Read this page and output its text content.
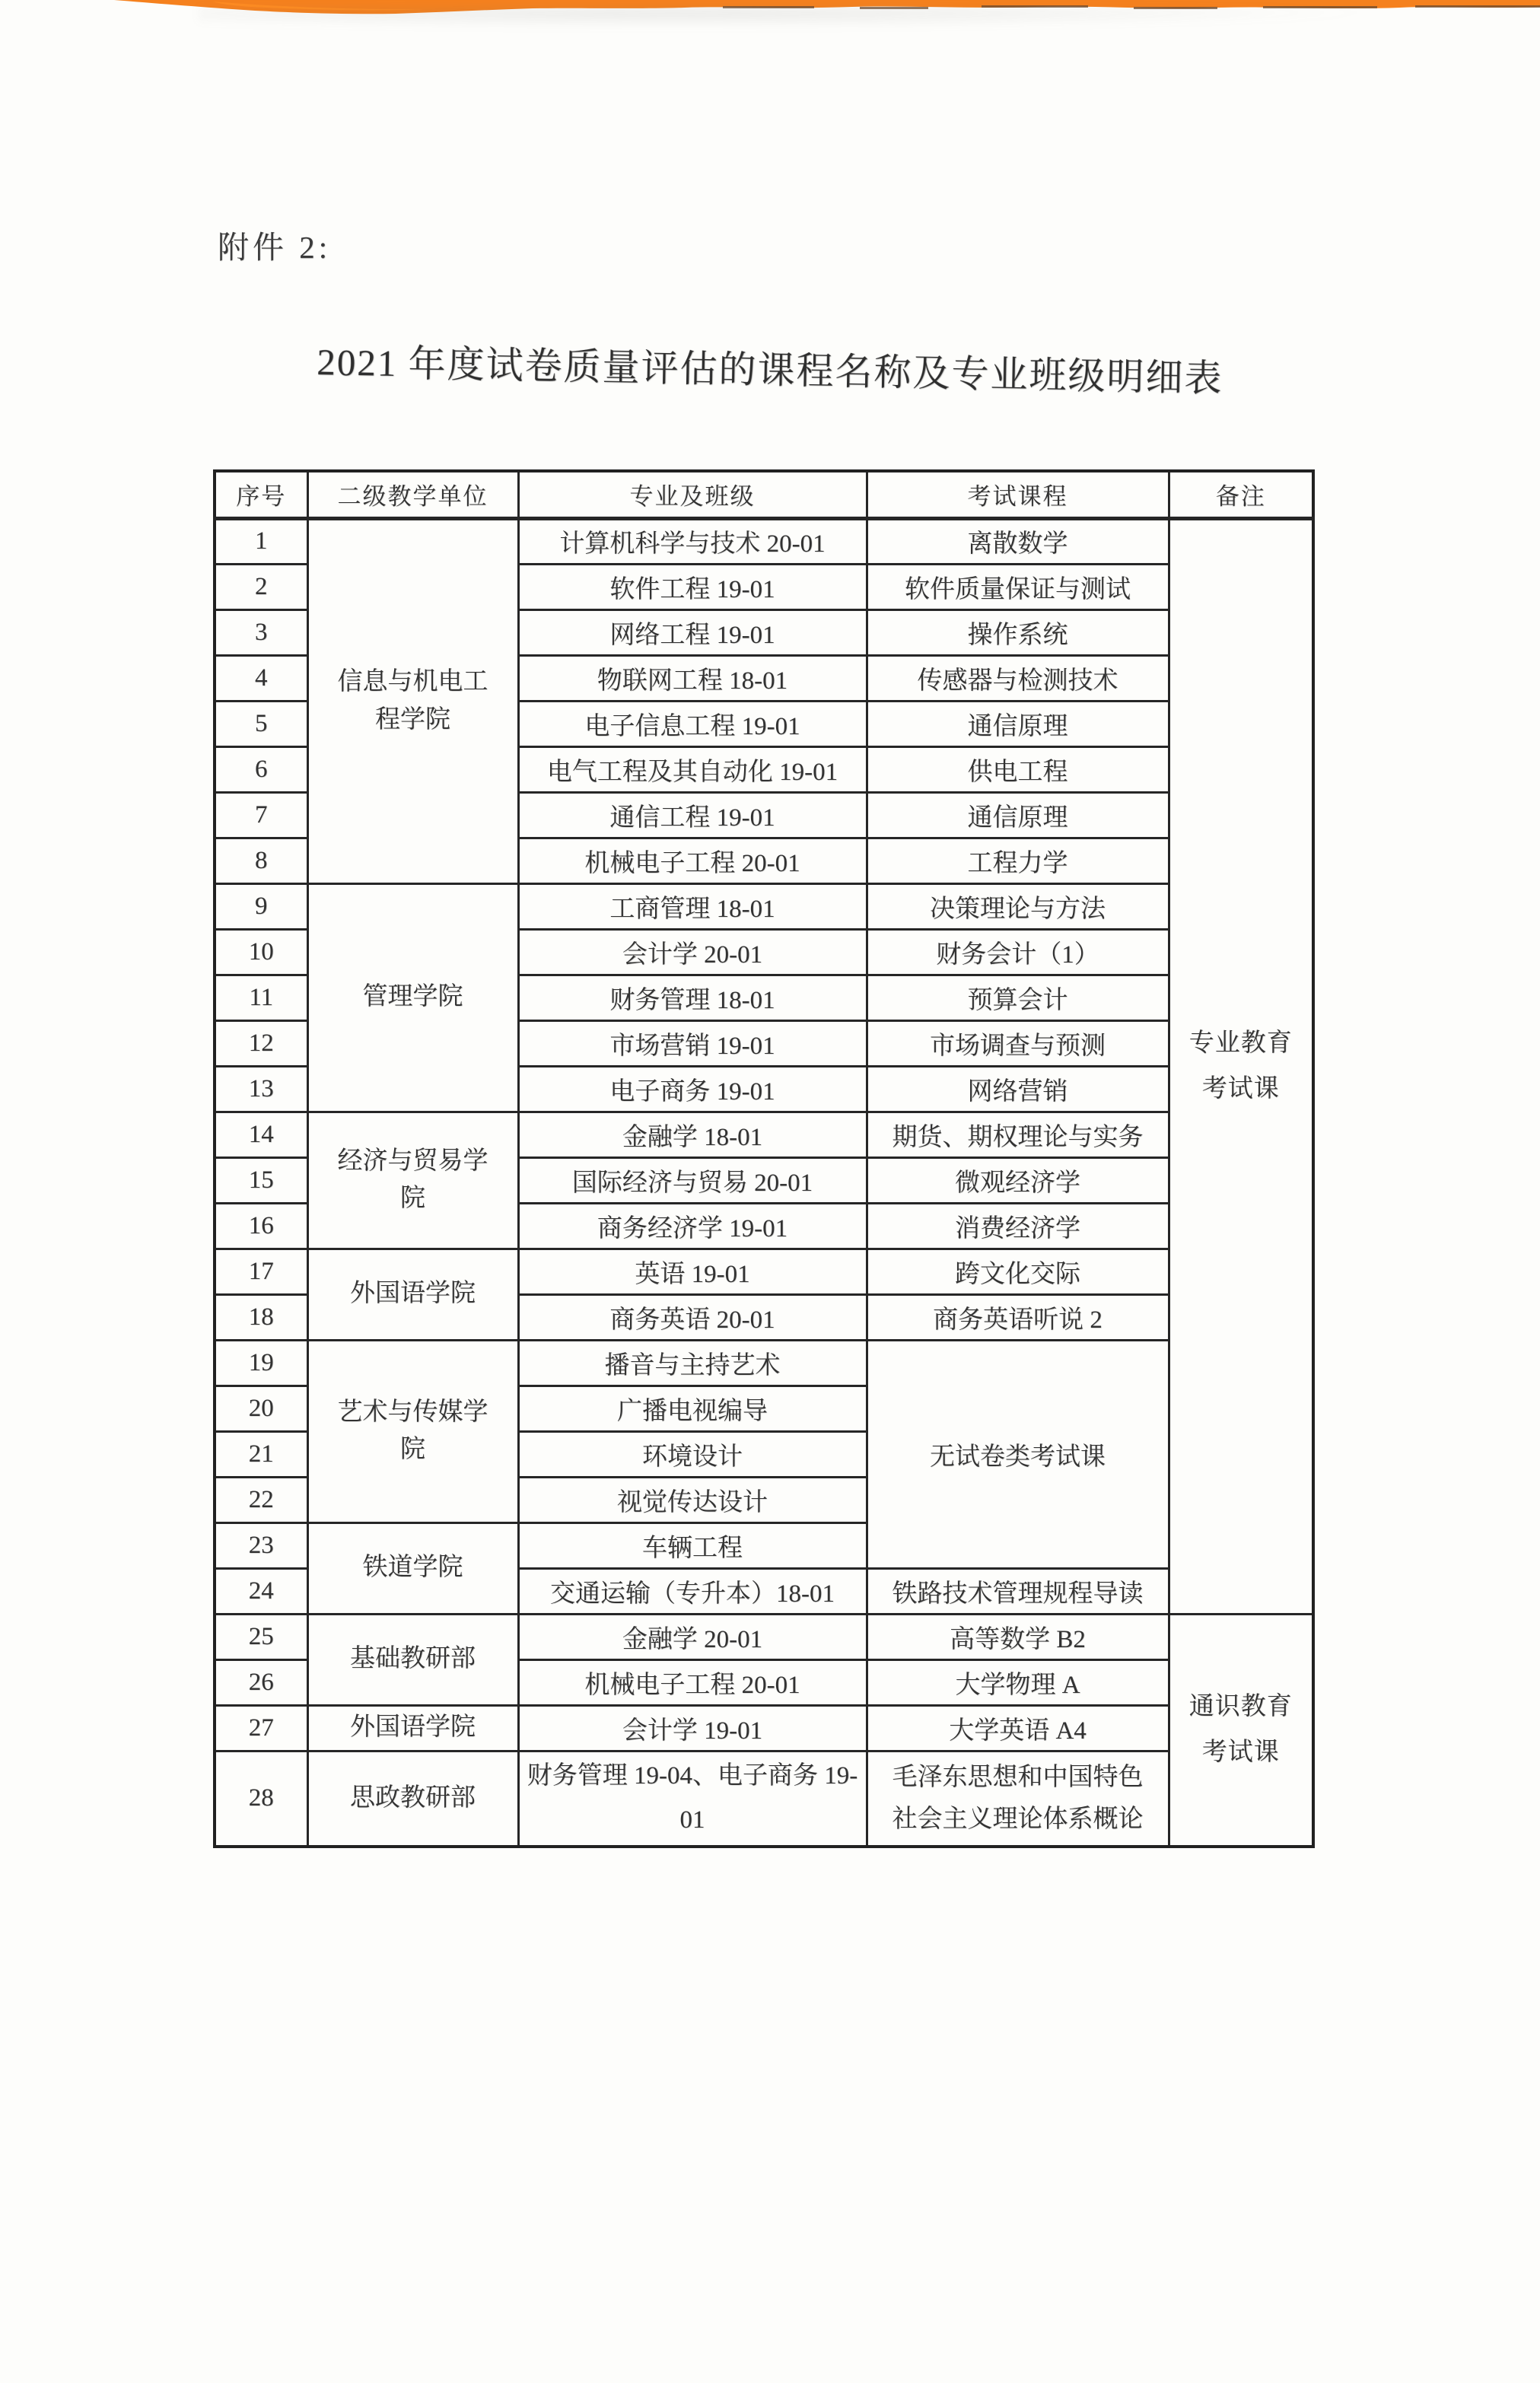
附件 2:
2021 年度试卷质量评估的课程名称及专业班级明细表
序号	二级教学单位	专业及班级	考试课程	备注
1	信息与机电工程学院	计算机科学与技术 20-01	离散数学	专业教育考试课
2		软件工程 19-01	软件质量保证与测试	
3		网络工程 19-01	操作系统	
4		物联网工程 18-01	传感器与检测技术	
5		电子信息工程 19-01	通信原理	
6		电气工程及其自动化 19-01	供电工程	
7		通信工程 19-01	通信原理	
8		机械电子工程 20-01	工程力学	
9	管理学院	工商管理 18-01	决策理论与方法	
10		会计学 20-01	财务会计（1）	
11		财务管理 18-01	预算会计	
12		市场营销 19-01	市场调查与预测	
13		电子商务 19-01	网络营销	
14	经济与贸易学院	金融学 18-01	期货、期权理论与实务	
15		国际经济与贸易 20-01	微观经济学	
16		商务经济学 19-01	消费经济学	
17	外国语学院	英语 19-01	跨文化交际	
18		商务英语 20-01	商务英语听说 2	
19	艺术与传媒学院	播音与主持艺术	无试卷类考试课	
20		广播电视编导		
21		环境设计		
22		视觉传达设计		
23	铁道学院	车辆工程		
24		交通运输（专升本）18-01	铁路技术管理规程导读	
25	基础教研部	金融学 20-01	高等数学 B2	通识教育考试课
26		机械电子工程 20-01	大学物理 A	
27	外国语学院	会计学 19-01	大学英语 A4	
28	思政教研部	财务管理 19-04、电子商务 19-01	毛泽东思想和中国特色社会主义理论体系概论	
